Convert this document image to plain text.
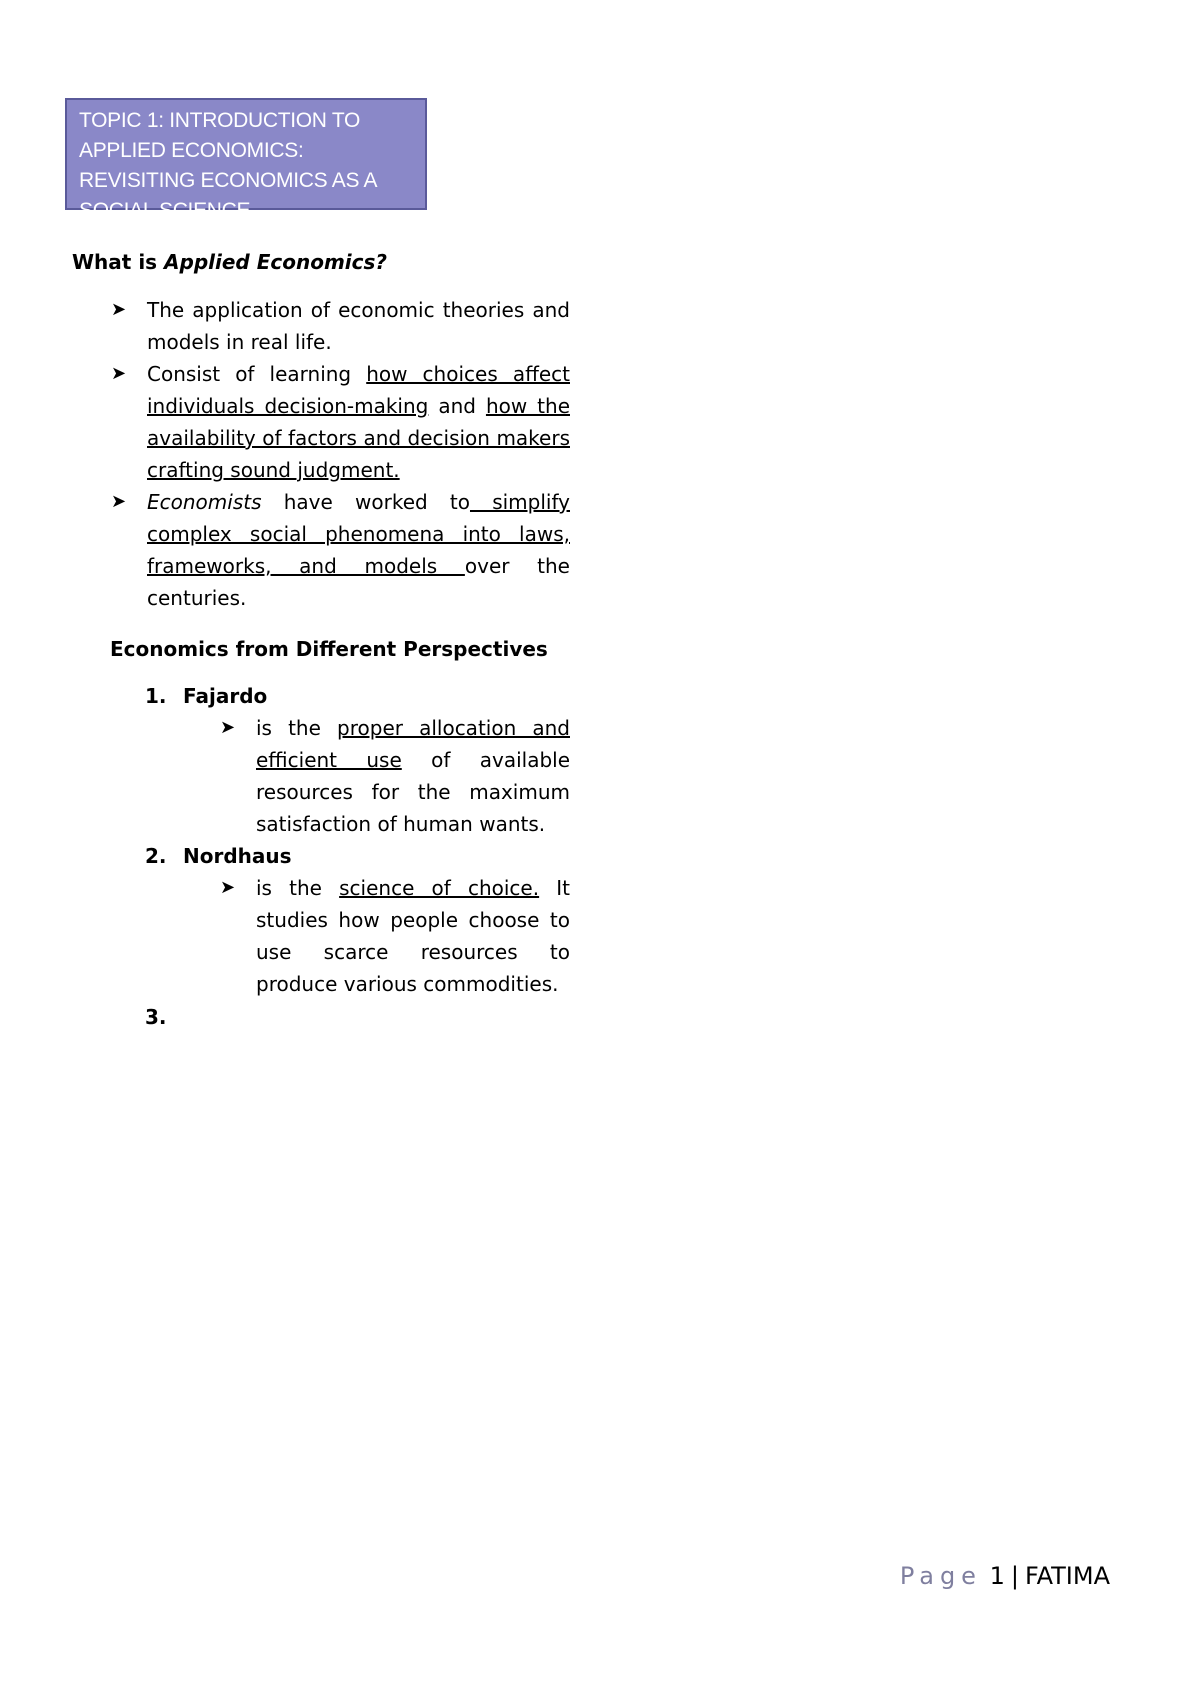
TOPIC 1: INTRODUCTION TO
APPLIED ECONOMICS:
REVISITING ECONOMICS AS A
SOCIAL SCIENCE
What is Applied Economics?
➤ The application of economic theories and models in real life.
➤ Consist of learning how choices affect individuals decision-making and how the availability of factors and decision makers crafting sound judgment.
➤ Economists have worked to simplify complex social phenomena into laws, frameworks, and models over the centuries.
Economics from Different Perspectives
1. Fajardo
➤ is the proper allocation and efficient use of available resources for the maximum satisfaction of human wants.
2. Nordhaus
➤ is the science of choice. It studies how people choose to use scarce resources to produce various commodities.
3.
Page 1 | FATIMA
